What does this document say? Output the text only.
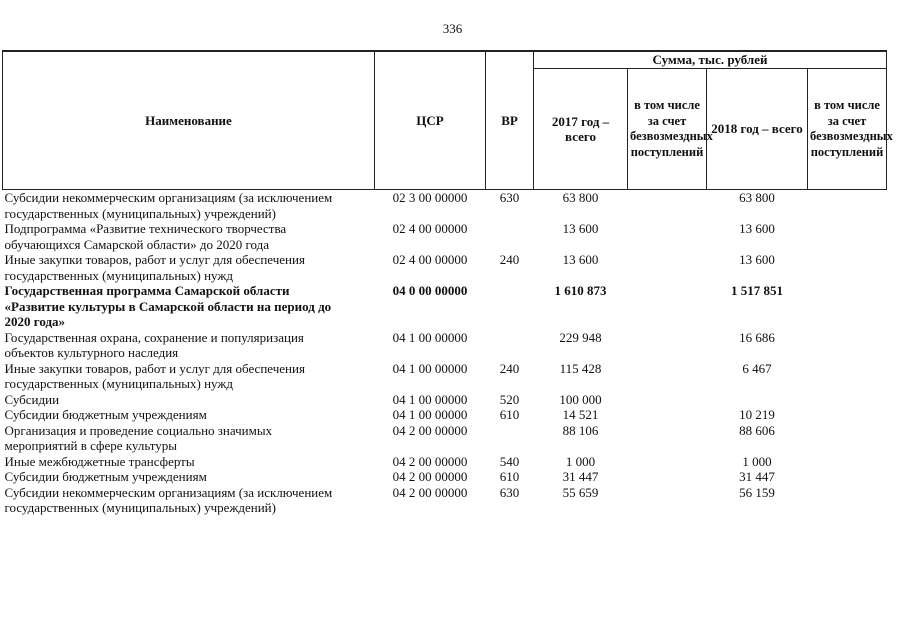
336
Наименование	ЦСР	ВР	Сумма, тыс. рублей			
			2017 год – всего	в том числе за счет безвозмездных поступлений	2018 год – всего	в том числе за счет безвозмездных поступлений
Субсидии некоммерческим организациям (за исключением государственных (муниципальных) учреждений)	02 3 00 00000	630	63 800		63 800	
Подпрограмма «Развитие технического творчества обучающихся Самарской области» до 2020 года	02 4 00 00000		13 600		13 600	
Иные закупки товаров, работ и услуг для обеспечения государственных (муниципальных) нужд	02 4 00 00000	240	13 600		13 600	
Государственная программа Самарской области «Развитие культуры в Самарской области на период до 2020 года»	04 0 00 00000		1 610 873		1 517 851	
Государственная охрана, сохранение и популяризация объектов культурного наследия	04 1 00 00000		229 948		16 686	
Иные закупки товаров, работ и услуг для обеспечения государственных (муниципальных) нужд	04 1 00 00000	240	115 428		6 467	
Субсидии	04 1 00 00000	520	100 000			
Субсидии бюджетным учреждениям	04 1 00 00000	610	14 521		10 219	
Организация и проведение социально значимых мероприятий в сфере культуры	04 2 00 00000		88 106		88 606	
Иные межбюджетные трансферты	04 2 00 00000	540	1 000		1 000	
Субсидии бюджетным учреждениям	04 2 00 00000	610	31 447		31 447	
Субсидии некоммерческим организациям (за исключением государственных (муниципальных) учреждений)	04 2 00 00000	630	55 659		56 159	
